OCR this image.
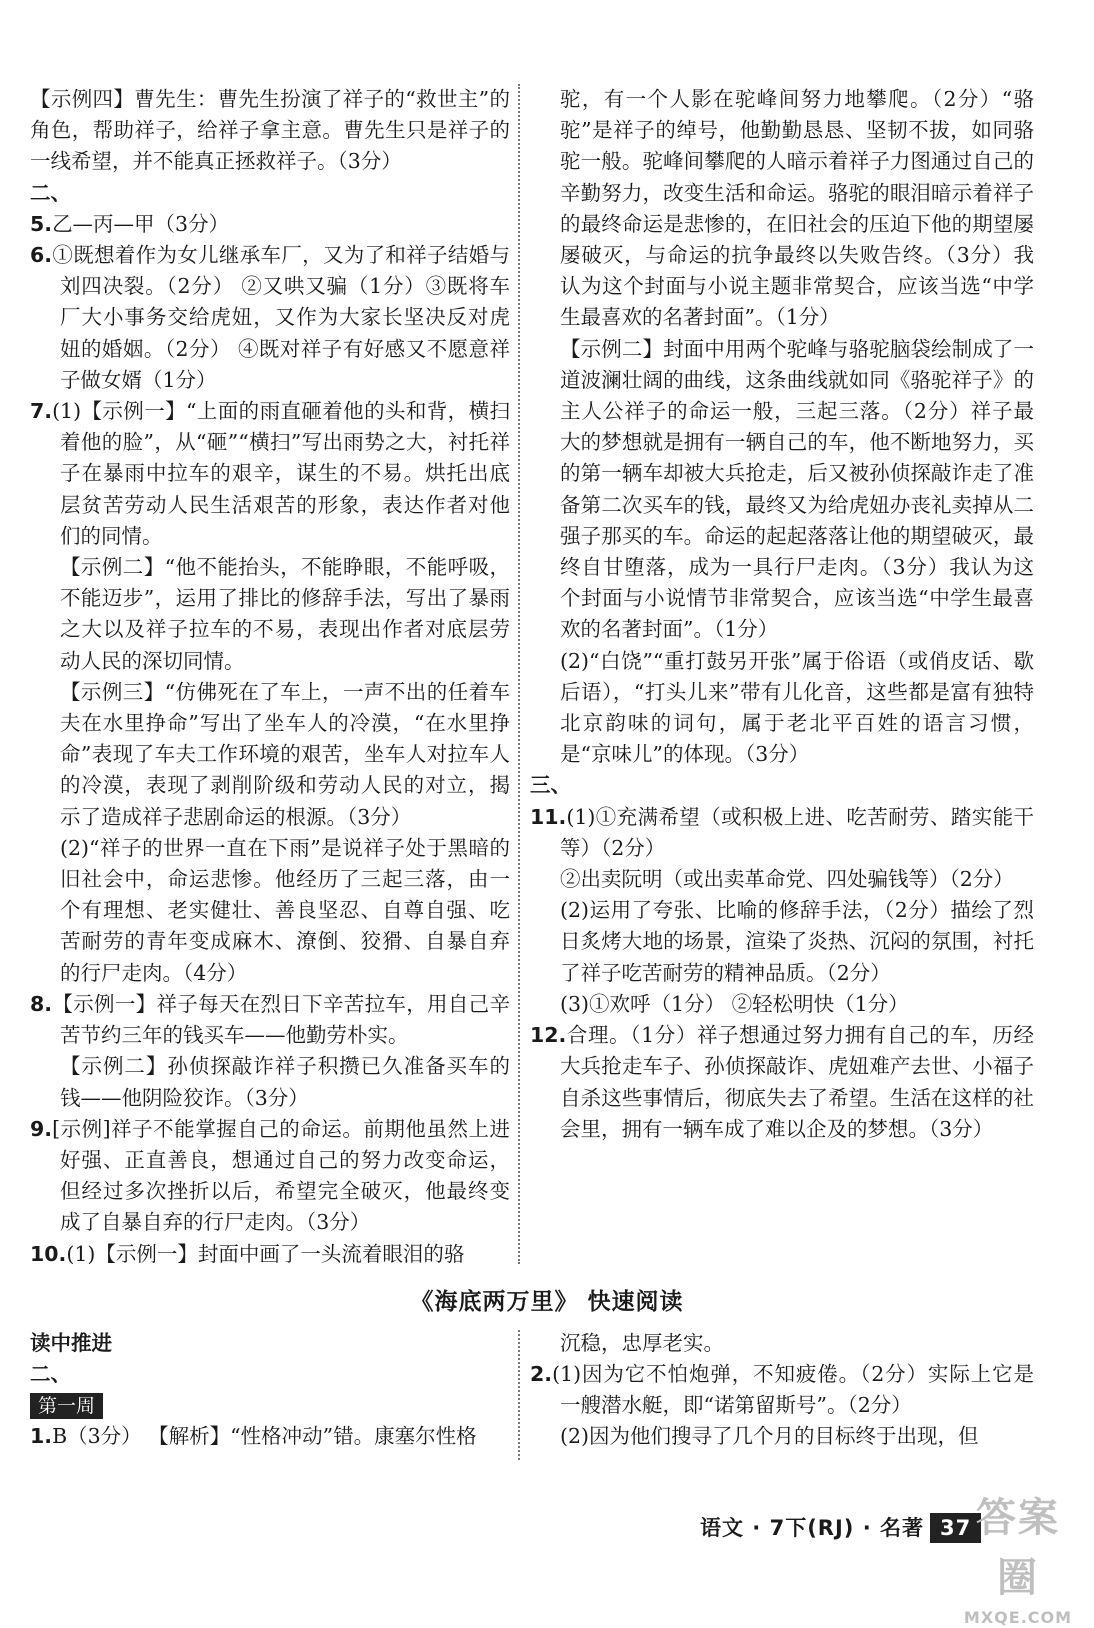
【示例四】曹先生：曹先生扮演了祥子的“救世主”的角色，帮助祥子，给祥子拿主意。曹先生只是祥子的一线希望，并不能真正拯救祥子。（3分）

二、

5.乙—丙—甲（3分）

6.①既想着作为女儿继承车厂，又为了和祥子结婚与刘四决裂。（2分） ②又哄又骗（1分）③既将车厂大小事务交给虎妞，又作为大家长坚决反对虎妞的婚姻。（2分） ④既对祥子有好感又不愿意祥子做女婿（1分）

7.(1)【示例一】“上面的雨直砸着他的头和背，横扫着他的脸”，从“砸”“横扫”写出雨势之大，衬托祥子在暴雨中拉车的艰辛，谋生的不易。烘托出底层贫苦劳动人民生活艰苦的形象，表达作者对他们的同情。

【示例二】“他不能抬头，不能睁眼，不能呼吸，不能迈步”，运用了排比的修辞手法，写出了暴雨之大以及祥子拉车的不易，表现出作者对底层劳动人民的深切同情。

【示例三】“仿佛死在了车上，一声不出的任着车夫在水里挣命”写出了坐车人的冷漠，“在水里挣命”表现了车夫工作环境的艰苦，坐车人对拉车人的冷漠，表现了剥削阶级和劳动人民的对立，揭示了造成祥子悲剧命运的根源。（3分）

(2)“祥子的世界一直在下雨”是说祥子处于黑暗的旧社会中，命运悲惨。他经历了三起三落，由一个有理想、老实健壮、善良坚忍、自尊自强、吃苦耐劳的青年变成麻木、潦倒、狡猾、自暴自弃的行尸走肉。（4分）

8.【示例一】祥子每天在烈日下辛苦拉车，用自己辛苦节约三年的钱买车——他勤劳朴实。

【示例二】孙侦探敲诈祥子积攒已久准备买车的钱——他阴险狡诈。（3分）

9.[示例]祥子不能掌握自己的命运。前期他虽然上进好强、正直善良，想通过自己的努力改变命运，但经过多次挫折以后，希望完全破灭，他最终变成了自暴自弃的行尸走肉。（3分）

10.(1)【示例一】封面中画了一头流着眼泪的骆

驼，有一个人影在驼峰间努力地攀爬。（2分）“骆驼”是祥子的绰号，他勤勤恳恳、坚韧不拔，如同骆驼一般。驼峰间攀爬的人暗示着祥子力图通过自己的辛勤努力，改变生活和命运。骆驼的眼泪暗示着祥子的最终命运是悲惨的，在旧社会的压迫下他的期望屡屡破灭，与命运的抗争最终以失败告终。（3分）我认为这个封面与小说主题非常契合，应该当选“中学生最喜欢的名著封面”。（1分）

【示例二】封面中用两个驼峰与骆驼脑袋绘制成了一道波澜壮阔的曲线，这条曲线就如同《骆驼祥子》的主人公祥子的命运一般，三起三落。（2分）祥子最大的梦想就是拥有一辆自己的车，他不断地努力，买的第一辆车却被大兵抢走，后又被孙侦探敲诈走了准备第二次买车的钱，最终又为给虎妞办丧礼卖掉从二强子那买的车。命运的起起落落让他的期望破灭，最终自甘堕落，成为一具行尸走肉。（3分）我认为这个封面与小说情节非常契合，应该当选“中学生最喜欢的名著封面”。（1分）

(2)“白饶”“重打鼓另开张”属于俗语（或俏皮话、歇后语），“打头儿来”带有儿化音，这些都是富有独特北京韵味的词句，属于老北平百姓的语言习惯，是“京味儿”的体现。（3分）

三、

11.(1)①充满希望（或积极上进、吃苦耐劳、踏实能干等）（2分）

②出卖阮明（或出卖革命党、四处骗钱等）（2分）

(2)运用了夸张、比喻的修辞手法，（2分）描绘了烈日炙烤大地的场景，渲染了炎热、沉闷的氛围，衬托了祥子吃苦耐劳的精神品质。（2分）

(3)①欢呼（1分） ②轻松明快（1分）

12.合理。（1分）祥子想通过努力拥有自己的车，历经大兵抢走车子、孙侦探敲诈、虎妞难产去世、小福子自杀这些事情后，彻底失去了希望。生活在这样的社会里，拥有一辆车成了难以企及的梦想。（3分）

《海底两万里》 快速阅读

读中推进

二、

第一周

1.B（3分） 【解析】“性格冲动”错。康塞尔性格

沉稳，忠厚老实。

2.(1)因为它不怕炮弹，不知疲倦。（2分）实际上它是一艘潜水艇，即“诺第留斯号”。（2分）

(2)因为他们搜寻了几个月的目标终于出现，但

语文 · 7下(RJ) · 名著 37 答案圈
MXQE.COM
